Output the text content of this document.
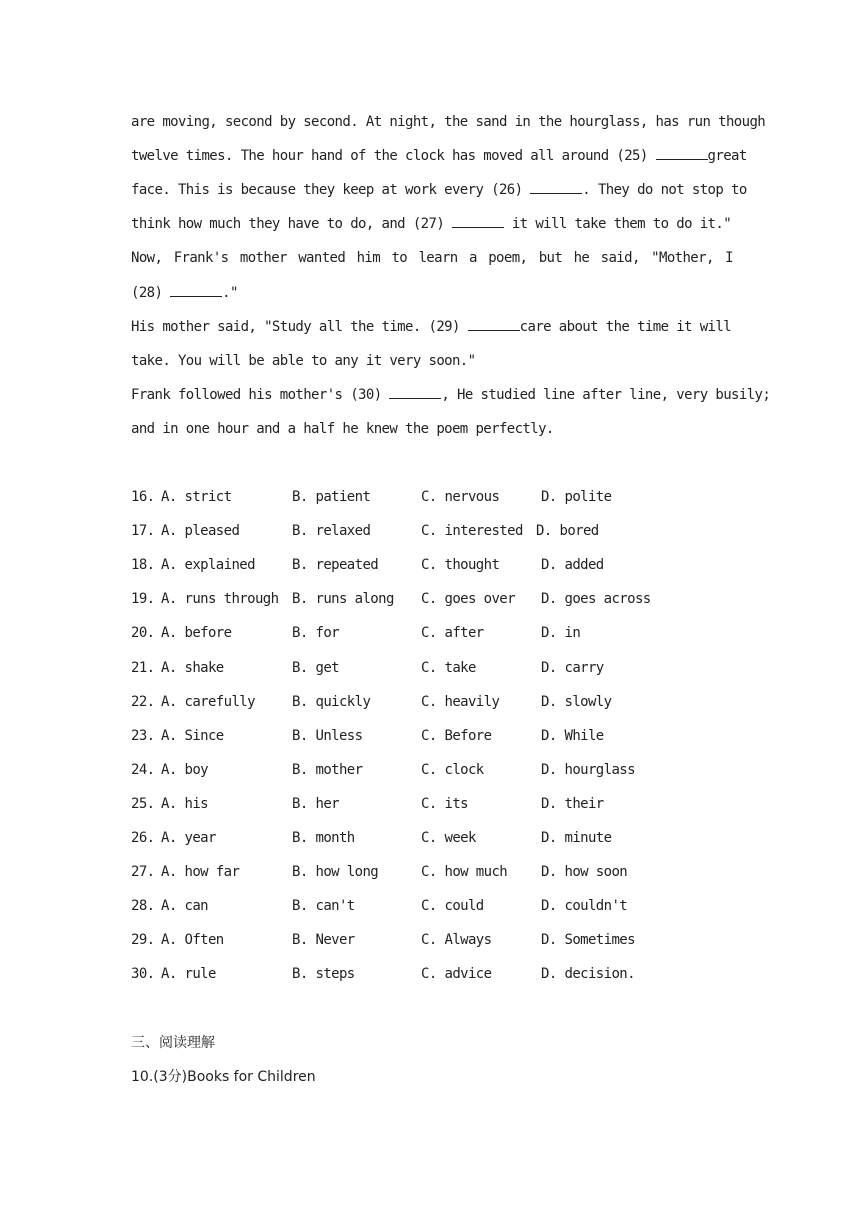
are moving, second by second. At night, the sand in the hourglass, has run though
twelve times. The hour hand of the clock has moved all around (25)	great
face. This is because they keep at work every (26)	. They do not stop to
think how much they have to do, and (27)	it will take them to do it."
Now, Frank's mother wanted him to learn a poem, but he said, "Mother, I
(28)	."
His mother said, "Study all the time. (29)	care about the time it will
take. You will be able to any it very soon."
Frank followed his mother's (30)	, He studied line after line, very busily;
and in one hour and a half he knew the poem perfectly.
16. A. strict	B. patient	C. nervous	D. polite
17. A. pleased	B. relaxed	C. interested D. bored
18. A. explained	B. repeated	C. thought	D. added
19. A. runs through B. runs along C. goes over D. goes across
20. A. before	B. for	C. after	D. in
21. A. shake	B. get	C. take	D. carry
22. A. carefully	B. quickly	C. heavily	D. slowly
23. A. Since	B. Unless	C. Before	D. While
24. A. boy	B. mother	C. clock	D. hourglass
25. A. his	B. her	C. its	D. their
26. A. year	B. month	C. week	D. minute
27. A. how far	B. how long	C. how much D. how soon
28. A. can	B. can't	C. could	D. couldn't
29. A. Often	B. Never	C. Always	D. Sometimes
30. A. rule	B. steps	C. advice	D. decision.
三、阅读理解
10.(3分)Books for Children
